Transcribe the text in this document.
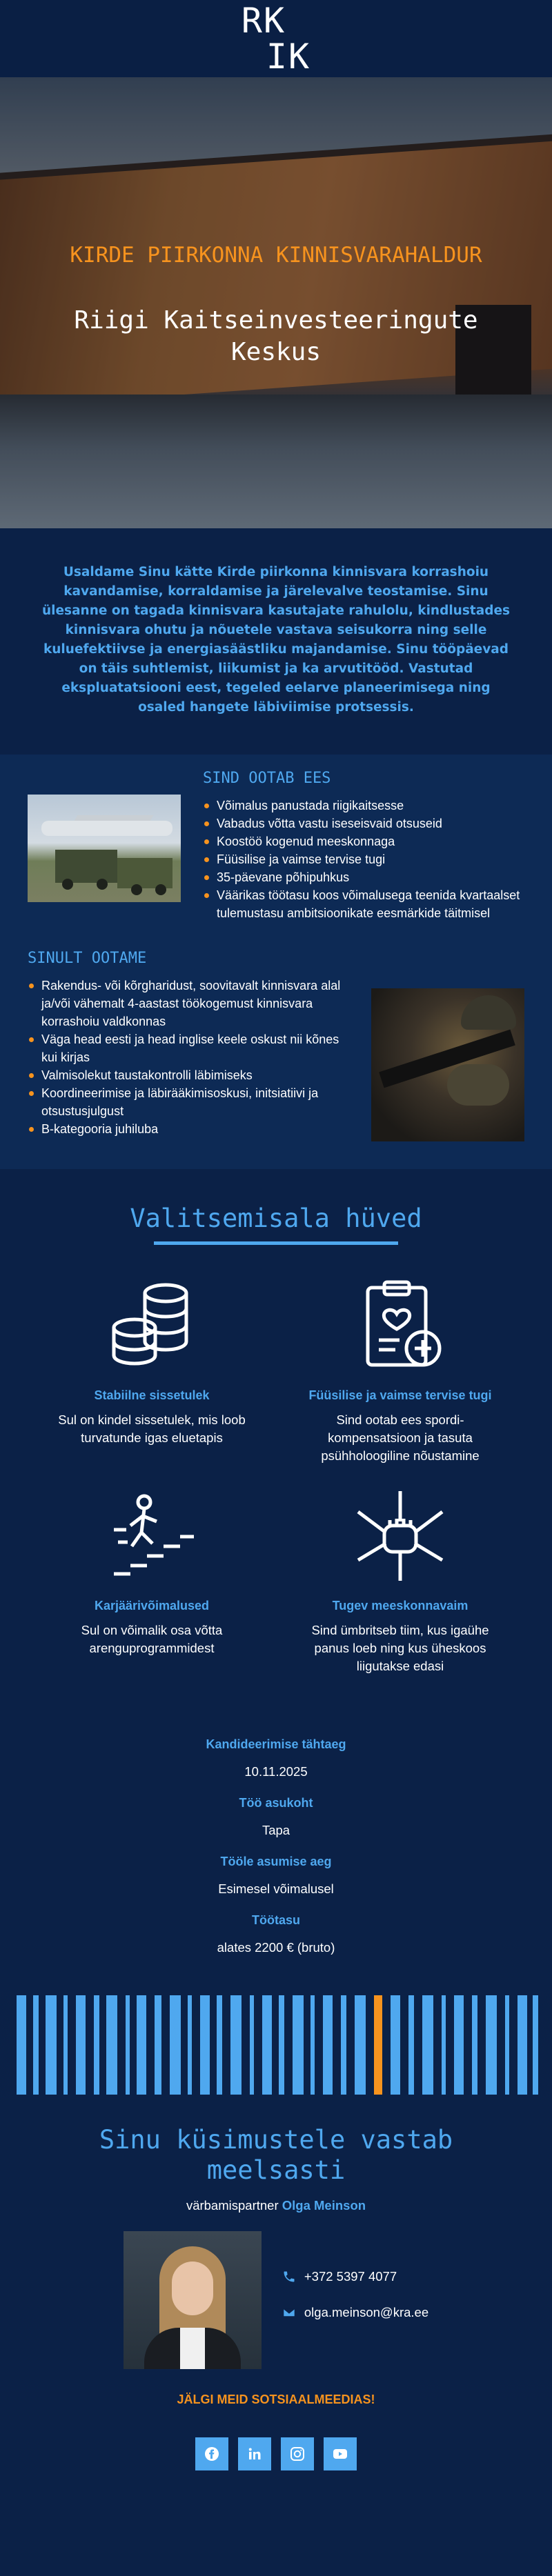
RK
IK
KIRDE PIIRKONNA KINNISVARAHALDUR
Riigi Kaitseinvesteeringute Keskus
Usaldame Sinu kätte Kirde piirkonna kinnisvara korrashoiu kavandamise, korraldamise ja järelevalve teostamise. Sinu ülesanne on tagada kinnisvara kasutajate rahulolu, kindlustades kinnisvara ohutu ja nõuetele vastava seisukorra ning selle kuluefektiivse ja energiasäästliku majandamise. Sinu tööpäevad on täis suhtlemist, liikumist ja ka arvutitööd. Vastutad ekspluatatsiooni eest, tegeled eelarve planeerimisega ning osaled hangete läbiviimise protsessis.
SIND OOTAB EES
Võimalus panustada riigikaitsesse
Vabadus võtta vastu iseseisvaid otsuseid
Koostöö kogenud meeskonnaga
Füüsilise ja vaimse tervise tugi
35-päevane põhipuhkus
Väärikas töötasu koos võimalusega teenida kvartaalset tulemustasu ambitsioonikate eesmärkide täitmisel
SINULT OOTAME
Rakendus- või kõrgharidust, soovitavalt kinnisvara alal ja/või vähemalt 4-aastast töökogemust kinnisvara korrashoiu valdkonnas
Väga head eesti ja head inglise keele oskust nii kõnes kui kirjas
Valmisolekut taustakontrolli läbimiseks
Koordineerimise ja läbirääkimisoskusi, initsiatiivi ja otsustusjulgust
B-kategooria juhiluba
Valitsemisala hüved
Stabiilne sissetulek
Sul on kindel sissetulek, mis loob turvatunde igas eluetapis
Füüsilise ja vaimse tervise tugi
Sind ootab ees spordi- kompensatsioon ja tasuta psühholoogiline nõustamine
Karjäärivõimalused
Sul on võimalik osa võtta arenguprogrammidest
Tugev meeskonnavaim
Sind ümbritseb tiim, kus igaühe panus loeb ning kus üheskoos liigutakse edasi
Kandideerimise tähtaeg
10.11.2025
Töö asukoht
Tapa
Tööle asumise aeg
Esimesel võimalusel
Töötasu
alates 2200 € (bruto)
Sinu küsimustele vastab meelsasti
värbamispartner Olga Meinson
+372 5397 4077
olga.meinson@kra.ee
JÄLGI MEID SOTSIAALMEEDIAS!
